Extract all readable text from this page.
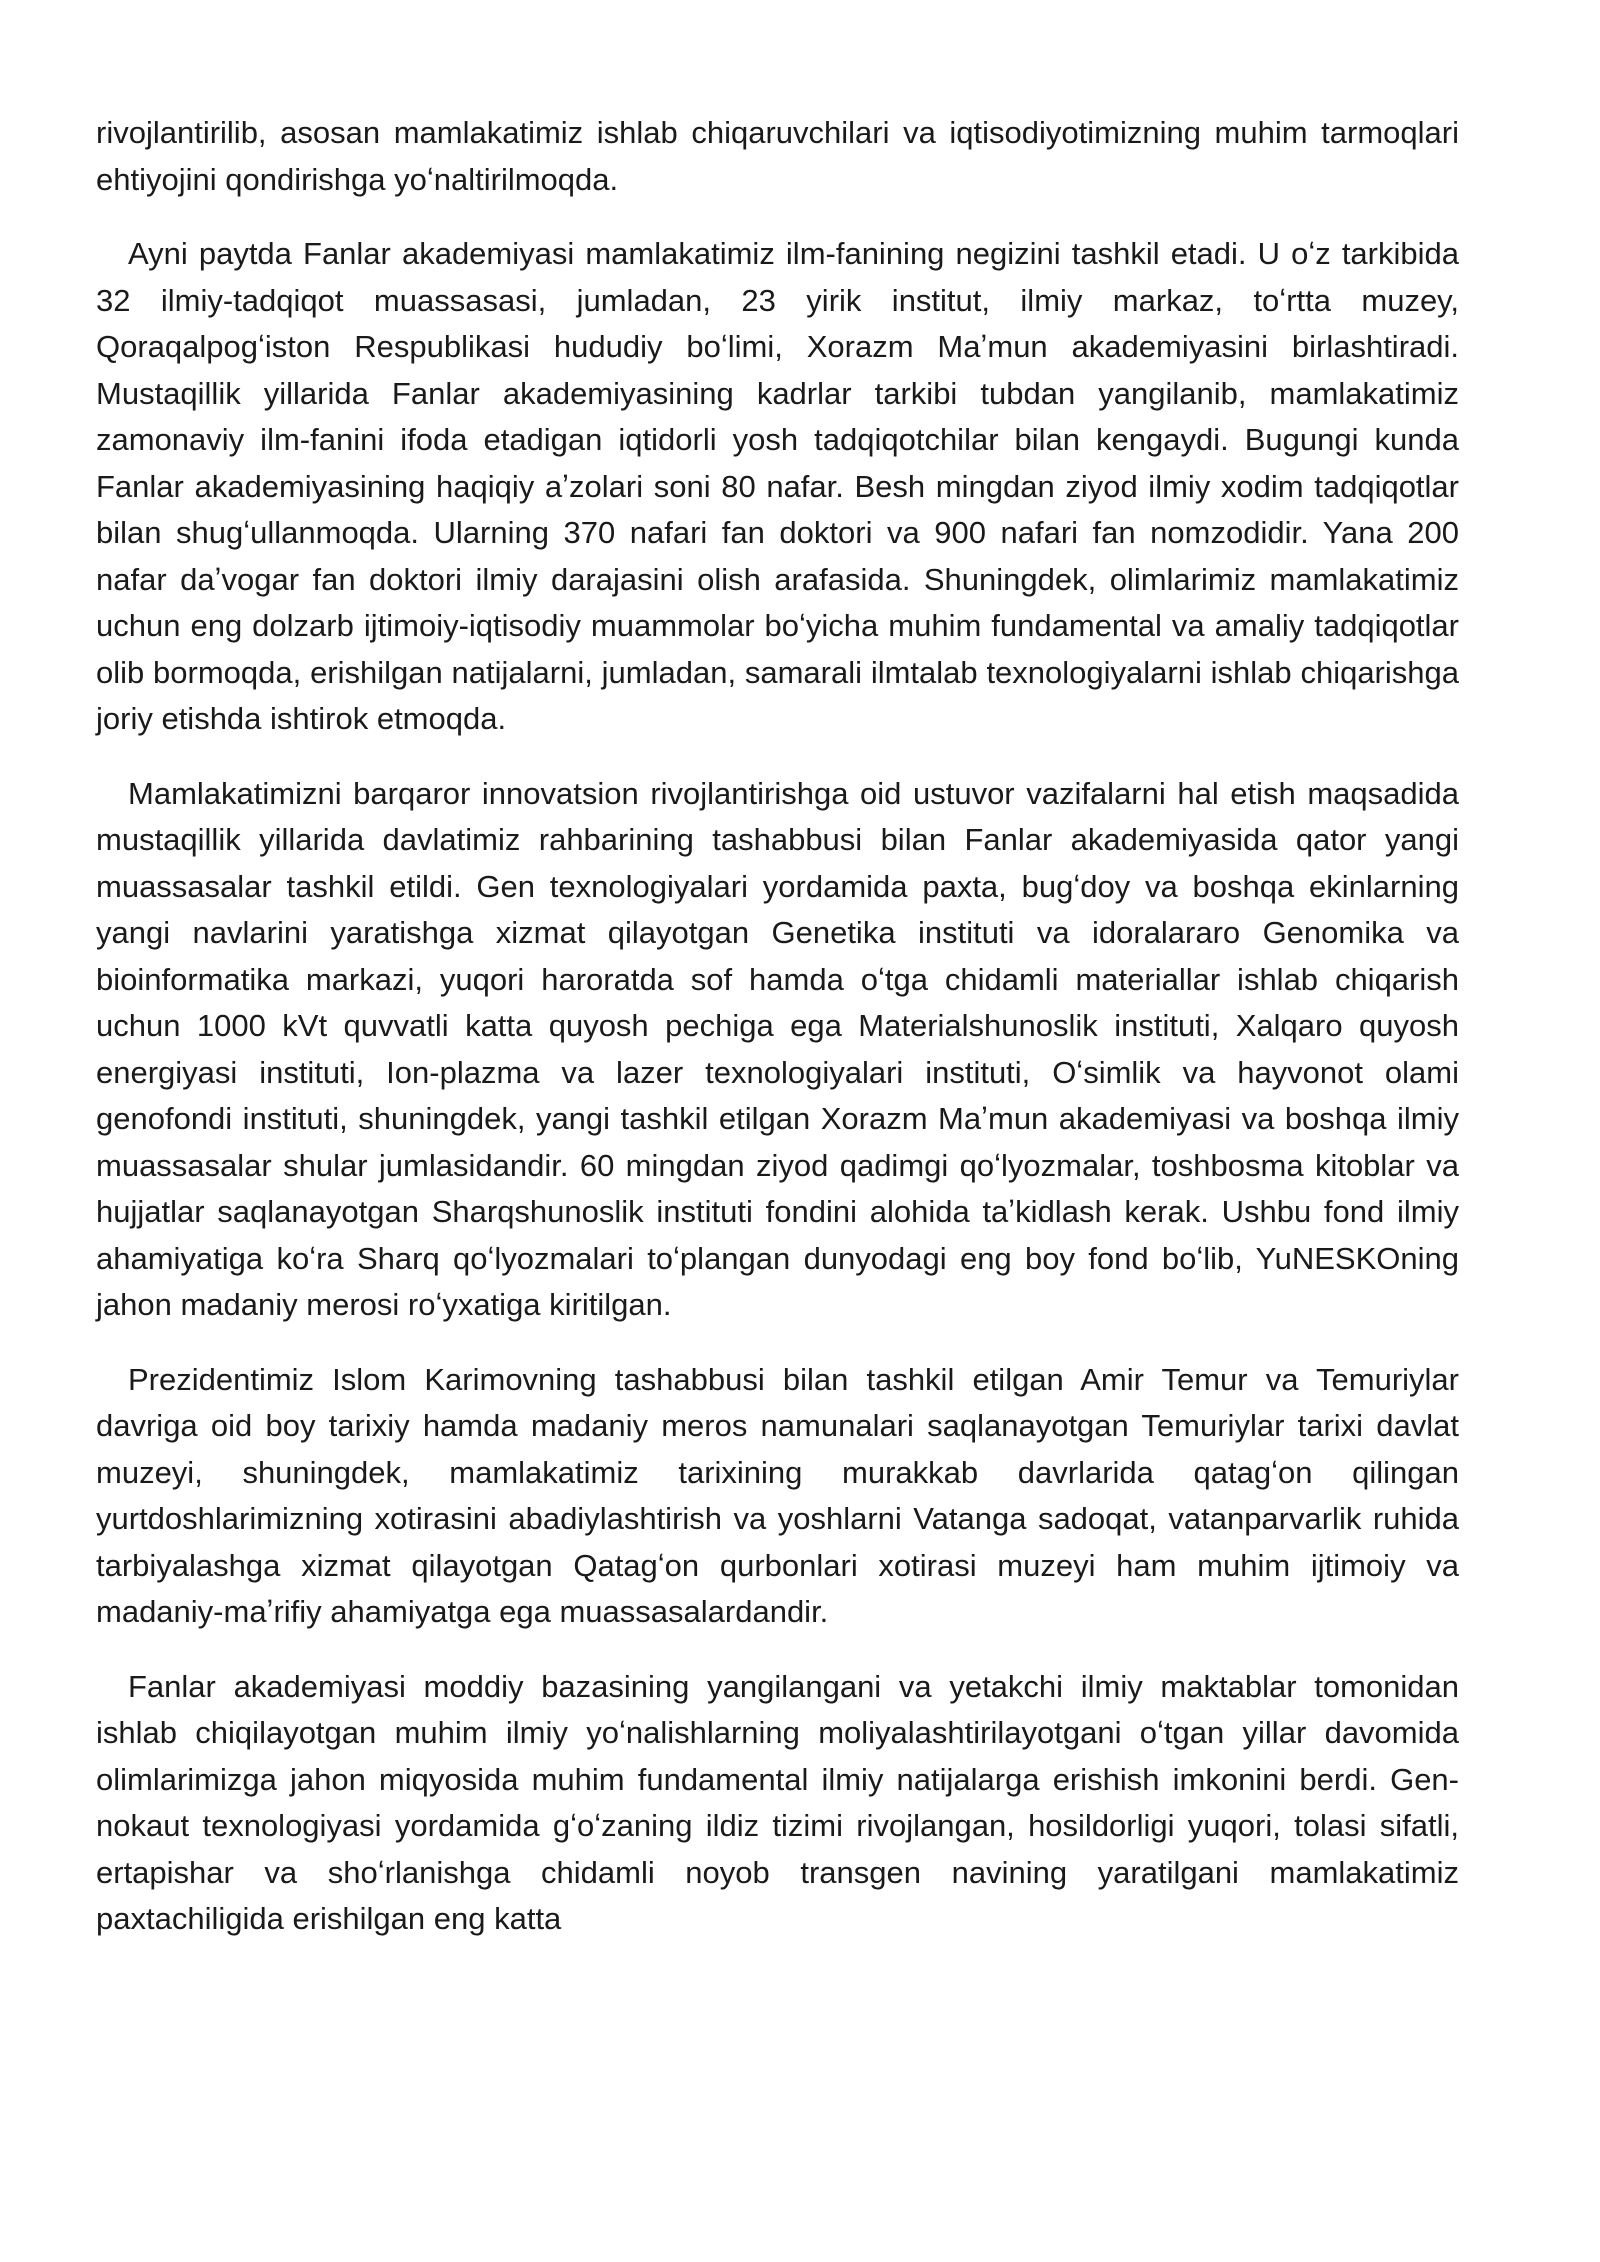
rivojlantirilib, asosan mamlakatimiz ishlab chiqaruvchilari va iqtisodiyotimizning muhim tarmoqlari ehtiyojini qondirishga yoʻnaltirilmoqda.

Ayni paytda Fanlar akademiyasi mamlakatimiz ilm-fanining negizini tashkil etadi. U oʻz tarkibida 32 ilmiy-tadqiqot muassasasi, jumladan, 23 yirik institut, ilmiy markaz, toʻrtta muzey, Qoraqalpogʻiston Respublikasi hududiy boʻlimi, Xorazm Maʼmun akademiyasini birlashtiradi. Mustaqillik yillarida Fanlar akademiyasining kadrlar tarkibi tubdan yangilanib, mamlakatimiz zamonaviy ilm-fanini ifoda etadigan iqtidorli yosh tadqiqotchilar bilan kengaydi. Bugungi kunda Fanlar akademiyasining haqiqiy aʼzolari soni 80 nafar. Besh mingdan ziyod ilmiy xodim tadqiqotlar bilan shugʻullanmoqda. Ularning 370 nafari fan doktori va 900 nafari fan nomzodidir. Yana 200 nafar daʼvogar fan doktori ilmiy darajasini olish arafasida. Shuningdek, olimlarimiz mamlakatimiz uchun eng dolzarb ijtimoiy-iqtisodiy muammolar boʻyicha muhim fundamental va amaliy tadqiqotlar olib bormoqda, erishilgan natijalarni, jumladan, samarali ilmtalab texnologiyalarni ishlab chiqarishga joriy etishda ishtirok etmoqda.

Mamlakatimizni barqaror innovatsion rivojlantirishga oid ustuvor vazifalarni hal etish maqsadida mustaqillik yillarida davlatimiz rahbarining tashabbusi bilan Fanlar akademiyasida qator yangi muassasalar tashkil etildi. Gen texnologiyalari yordamida paxta, bugʻdoy va boshqa ekinlarning yangi navlarini yaratishga xizmat qilayotgan Genetika instituti va idoralararo Genomika va bioinformatika markazi, yuqori haroratda sof hamda oʻtga chidamli materiallar ishlab chiqarish uchun 1000 kVt quvvatli katta quyosh pechiga ega Materialshunoslik instituti, Xalqaro quyosh energiyasi instituti, Ion-plazma va lazer texnologiyalari instituti, Oʻsimlik va hayvonot olami genofondi instituti, shuningdek, yangi tashkil etilgan Xorazm Maʼmun akademiyasi va boshqa ilmiy muassasalar shular jumlasidandir. 60 mingdan ziyod qadimgi qoʻlyozmalar, toshbosma kitoblar va hujjatlar saqlanayotgan Sharqshunoslik instituti fondini alohida taʼkidlash kerak. Ushbu fond ilmiy ahamiyatiga koʻra Sharq qoʻlyozmalari toʻplangan dunyodagi eng boy fond boʻlib, YuNESKOning jahon madaniy merosi roʻyxatiga kiritilgan.

Prezidentimiz Islom Karimovning tashabbusi bilan tashkil etilgan Amir Temur va Temuriylar davriga oid boy tarixiy hamda madaniy meros namunalari saqlanayotgan Temuriylar tarixi davlat muzeyi, shuningdek, mamlakatimiz tarixining murakkab davrlarida qatagʻon qilingan yurtdoshlarimizning xotirasini abadiylashtirish va yoshlarni Vatanga sadoqat, vatanparvarlik ruhida tarbiyalashga xizmat qilayotgan Qatagʻon qurbonlari xotirasi muzeyi ham muhim ijtimoiy va madaniy-maʼrifiy ahamiyatga ega muassasalardandir.

Fanlar akademiyasi moddiy bazasining yangilangani va yetakchi ilmiy maktablar tomonidan ishlab chiqilayotgan muhim ilmiy yoʻnalishlarning moliyalashtirilayotgani oʻtgan yillar davomida olimlarimizga jahon miqyosida muhim fundamental ilmiy natijalarga erishish imkonini berdi. Gen-nokaut texnologiyasi yordamida gʻoʻzaning ildiz tizimi rivojlangan, hosildorligi yuqori, tolasi sifatli, ertapishar va shoʻrlanishga chidamli noyob transgen navining yaratilgani mamlakatimiz paxtachiligida erishilgan eng katta
